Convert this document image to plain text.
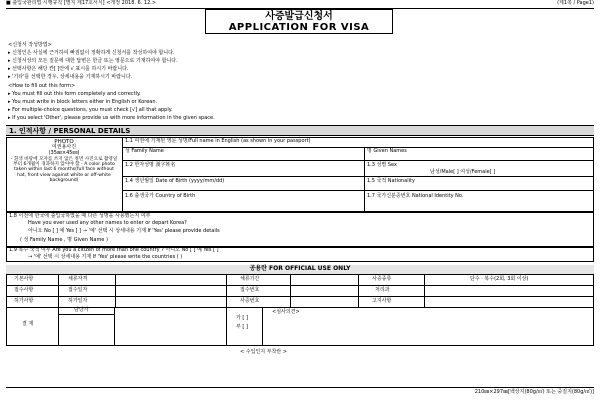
■ 출입국관리법 시행규칙 [별지 제17호서식] <개정 2018. 6. 12.>	(제1쪽 / Page1)
사증발급신청서
APPLICATION FOR VISA
<신청서 작성방법>
▸ 신청인은 사실에 근거하여 빠짐없이 정확하게 신청서를 작성하여야 합니다.
▸ 신청서상의 모든 질문에 대한 답변은 한글 또는 영문으로 기재하여야 합니다.
▸ 선택사항은 해당 칸[ ]안에 √ 표시를 하시기 바랍니다.
▸ '기타'를 선택한 경우, 상세내용을 기재하시기 바랍니다.
<How to fill out this form>
▸ You must fill out this form completely and correctly.
▸ You must write in block letters either in English or Korean.
▸ For multiple-choice questions, you must check [√] all that apply.
▸ If you select 'Other', please provide us with more information in the given space.
1. 인적사항 / PERSONAL DETAILS
PHOTO
여권용사진
(35㎜×45㎜)
- 흰색 바탕에 모자를 쓰지 않은 정면 사진으로 촬영일부터 6개월이 경과하지 않아야 함 - A color photo taken within last 6 months(full face without hat, front view against white or off-white background)
1.1 여권에 기재된 영문 성명/Full name in English (as shown in your passport)
성 Family Name	명 Given Names
1.2 한자성명 漢字姓名	1.3 성별 Sex
남성/Male[ ] 여성/Female[ ]
1.4 생년월일 Date of Birth (yyyy/mm/dd)	1.5 국적 Nationality
1.6 출생국가 Country of Birth	1.7 국가신분증번호 National Identity No.
1.8 이전에 한국에 출입국하였을 때 다른 성명을 사용했는지 여부
Have you ever used any other names to enter or depart Korea?
아니오 No [ ] 예 Yes [ ] → '예' 선택 시 상세내용 기재 If 'Yes' please provide details
( 성 Family Name , 명 Given Name )
1.9 복수 국적 여부 Are you a citizen of more than one country ? 아니오 No [ ] 예 Yes [ ]
→ '예' 선택 시 상세내용 기재 If 'Yes' please write the countries ( )
공용란 FOR OFFICIAL USE ONLY
기본사항	체류자격	체류기간	사증종류	단수 · 복수(2회, 3회 이상)
접수사항	접수일자	접수번호	처리과
허가사항	허가일자	사증번호	고지사항
결 재
담당자
가 [ ]
부 [ ]
<심사의견>
< 수입인지 부착란 >
210㎜×297㎜[백상지(80g/㎡) 또는 중질지(80g/㎡)]
